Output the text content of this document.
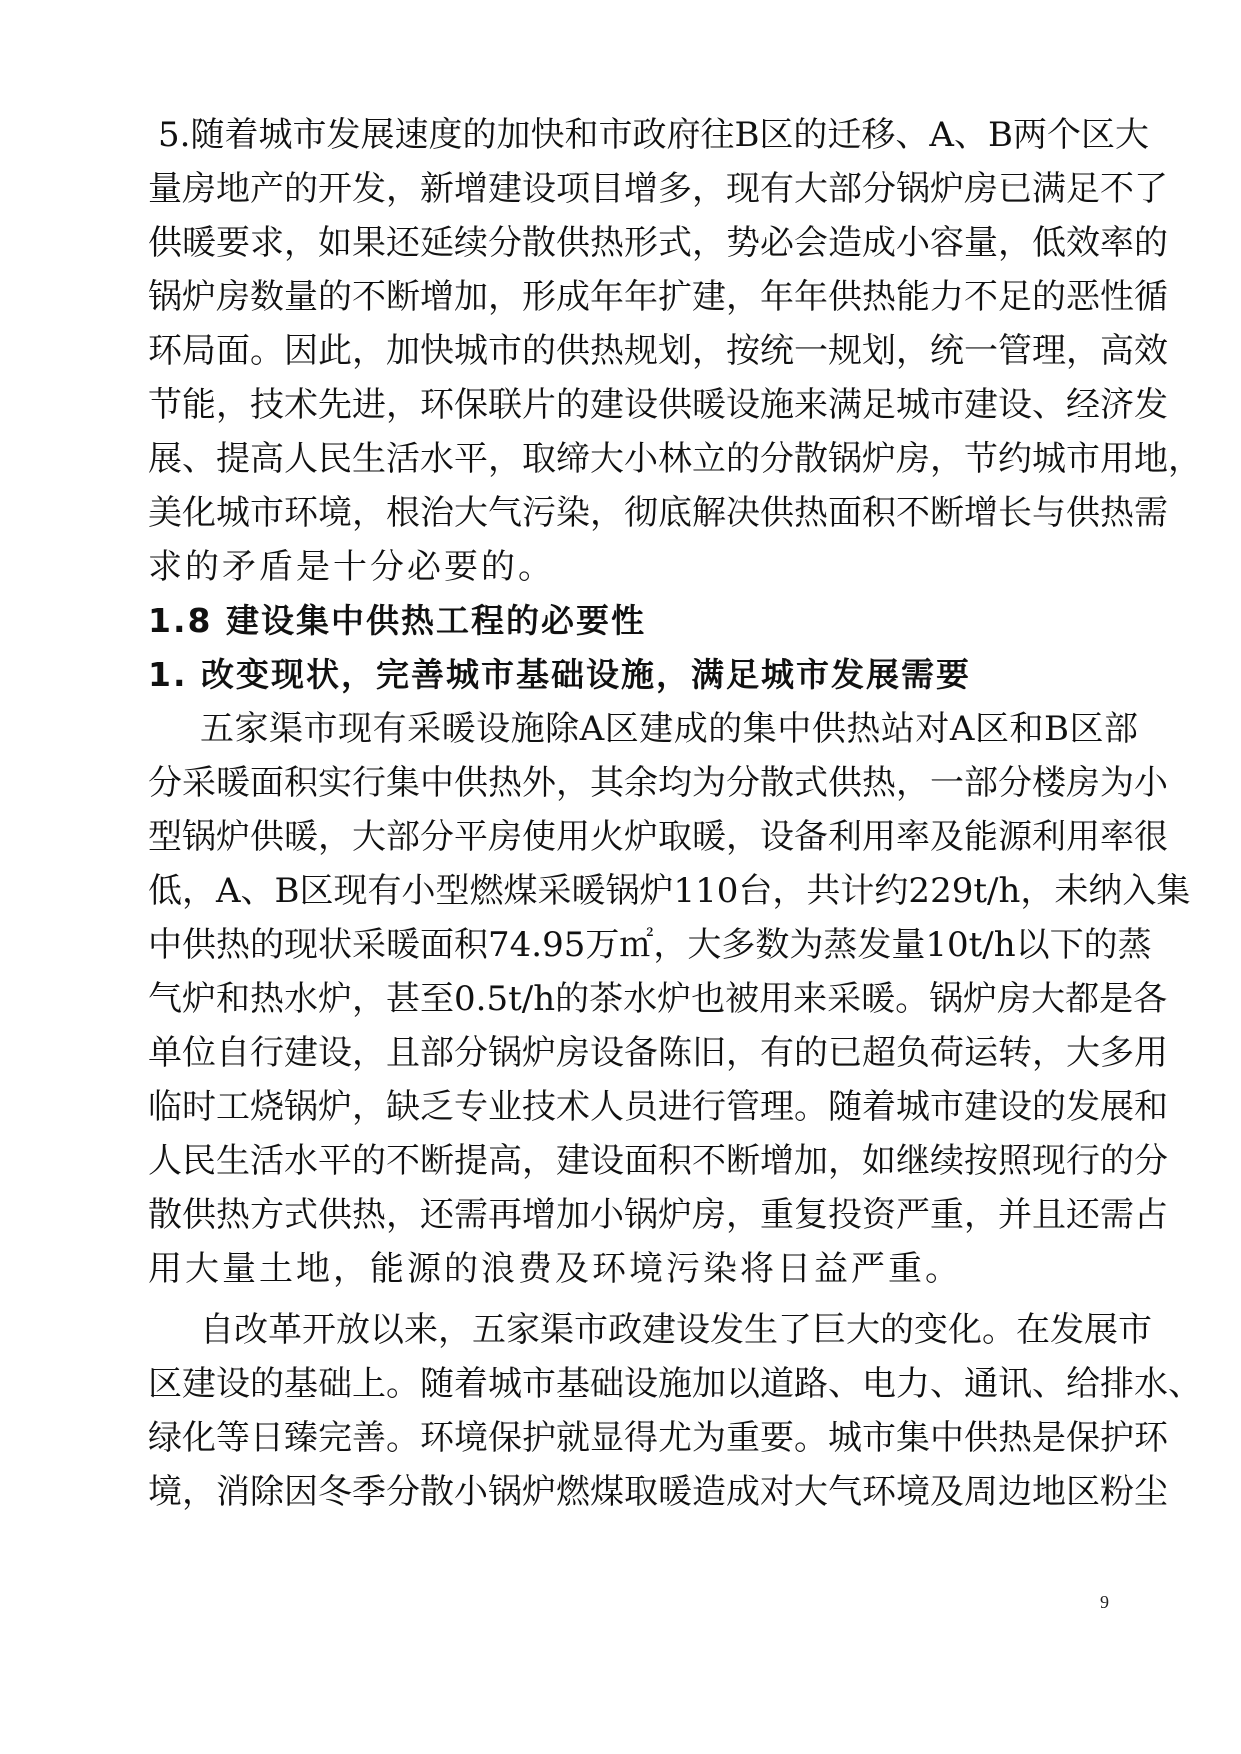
5.随着城市发展速度的加快和市政府往B区的迁移、A、B两个区大
量房地产的开发，新增建设项目增多，现有大部分锅炉房已满足不了
供暖要求，如果还延续分散供热形式，势必会造成小容量，低效率的
锅炉房数量的不断增加，形成年年扩建，年年供热能力不足的恶性循
环局面。因此，加快城市的供热规划，按统一规划，统一管理，高效
节能，技术先进，环保联片的建设供暖设施来满足城市建设、经济发
展、提高人民生活水平，取缔大小林立的分散锅炉房，节约城市用地，
美化城市环境，根治大气污染，彻底解决供热面积不断增长与供热需
求的矛盾是十分必要的。
1.8 建设集中供热工程的必要性
1. 改变现状，完善城市基础设施，满足城市发展需要
五家渠市现有采暖设施除A区建成的集中供热站对A区和B区部
分采暖面积实行集中供热外，其余均为分散式供热，一部分楼房为小
型锅炉供暖，大部分平房使用火炉取暖，设备利用率及能源利用率很
低，A、B区现有小型燃煤采暖锅炉110台，共计约229t/h，未纳入集
中供热的现状采暖面积74.95万㎡，大多数为蒸发量10t/h以下的蒸
气炉和热水炉，甚至0.5t/h的茶水炉也被用来采暖。锅炉房大都是各
单位自行建设，且部分锅炉房设备陈旧，有的已超负荷运转，大多用
临时工烧锅炉，缺乏专业技术人员进行管理。随着城市建设的发展和
人民生活水平的不断提高，建设面积不断增加，如继续按照现行的分
散供热方式供热，还需再增加小锅炉房，重复投资严重，并且还需占
用大量土地，能源的浪费及环境污染将日益严重。
自改革开放以来，五家渠市政建设发生了巨大的变化。在发展市
区建设的基础上。随着城市基础设施加以道路、电力、通讯、给排水、
绿化等日臻完善。环境保护就显得尤为重要。城市集中供热是保护环
境，消除因冬季分散小锅炉燃煤取暖造成对大气环境及周边地区粉尘
9
